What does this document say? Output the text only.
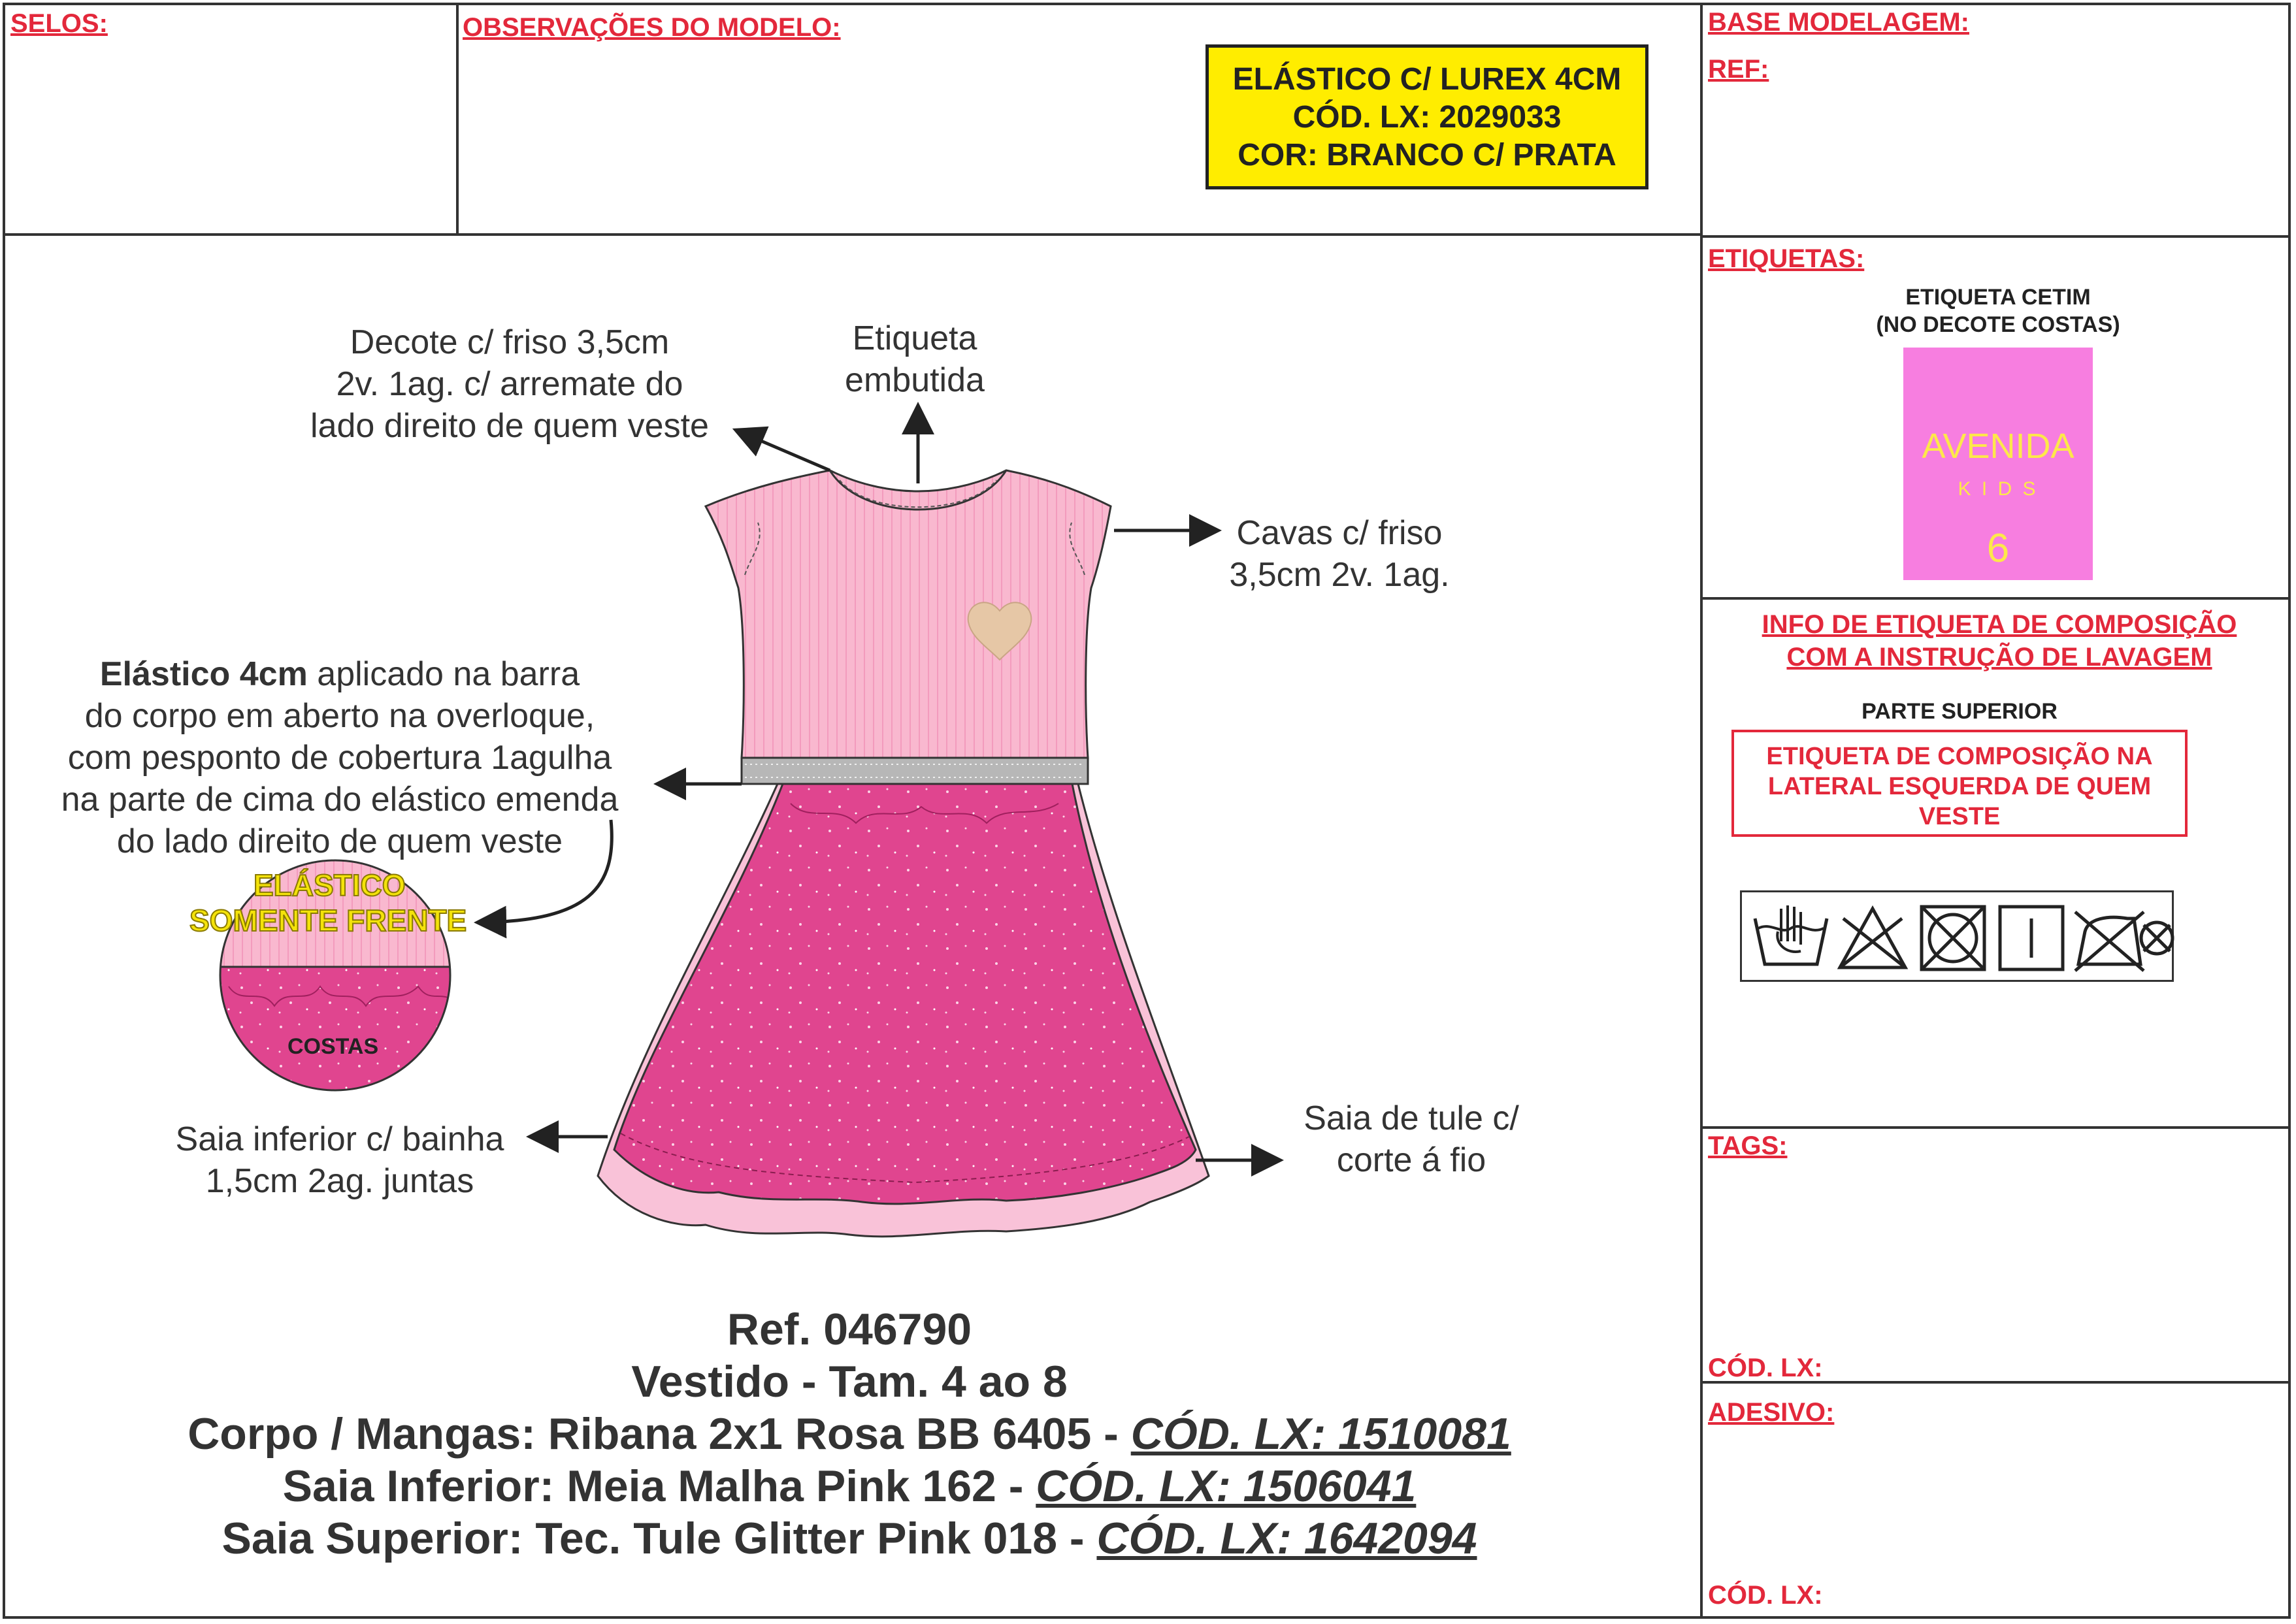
SELOS:	OBSERVAÇÕES DO MODELO:	BASE MODELAGEM:
REF:
ELÁSTICO C/ LUREX 4CM
CÓD. LX: 2029033
COR: BRANCO C/ PRATA
Decote c/ friso 3,5cm
2v. 1ag. c/ arremate do
lado direito de quem veste
Etiqueta
embutida
Cavas c/ friso
3,5cm 2v. 1ag.
Elástico 4cm aplicado na barra
do corpo em aberto na overloque,
com pesponto de cobertura 1agulha
na parte de cima do elástico emenda
do lado direito de quem veste
Saia inferior c/ bainha
1,5cm 2ag. juntas
Saia de tule c/
corte á fio
ELÁSTICO
SOMENTE FRENTE
COSTAS
Ref. 046790
Vestido - Tam. 4 ao 8
Corpo / Mangas: Ribana 2x1 Rosa BB 6405 - CÓD. LX: 1510081
Saia Inferior: Meia Malha Pink 162 - CÓD. LX: 1506041
Saia Superior: Tec. Tule Glitter Pink 018 - CÓD. LX: 1642094
ETIQUETAS:
ETIQUETA CETIM
(NO DECOTE COSTAS)
AVENIDA
K I D S
6
INFO DE ETIQUETA DE COMPOSIÇÃO
COM A INSTRUÇÃO DE LAVAGEM
PARTE SUPERIOR
ETIQUETA DE COMPOSIÇÃO NA
LATERAL ESQUERDA DE QUEM
VESTE
TAGS:
CÓD. LX:
ADESIVO:
CÓD. LX:
